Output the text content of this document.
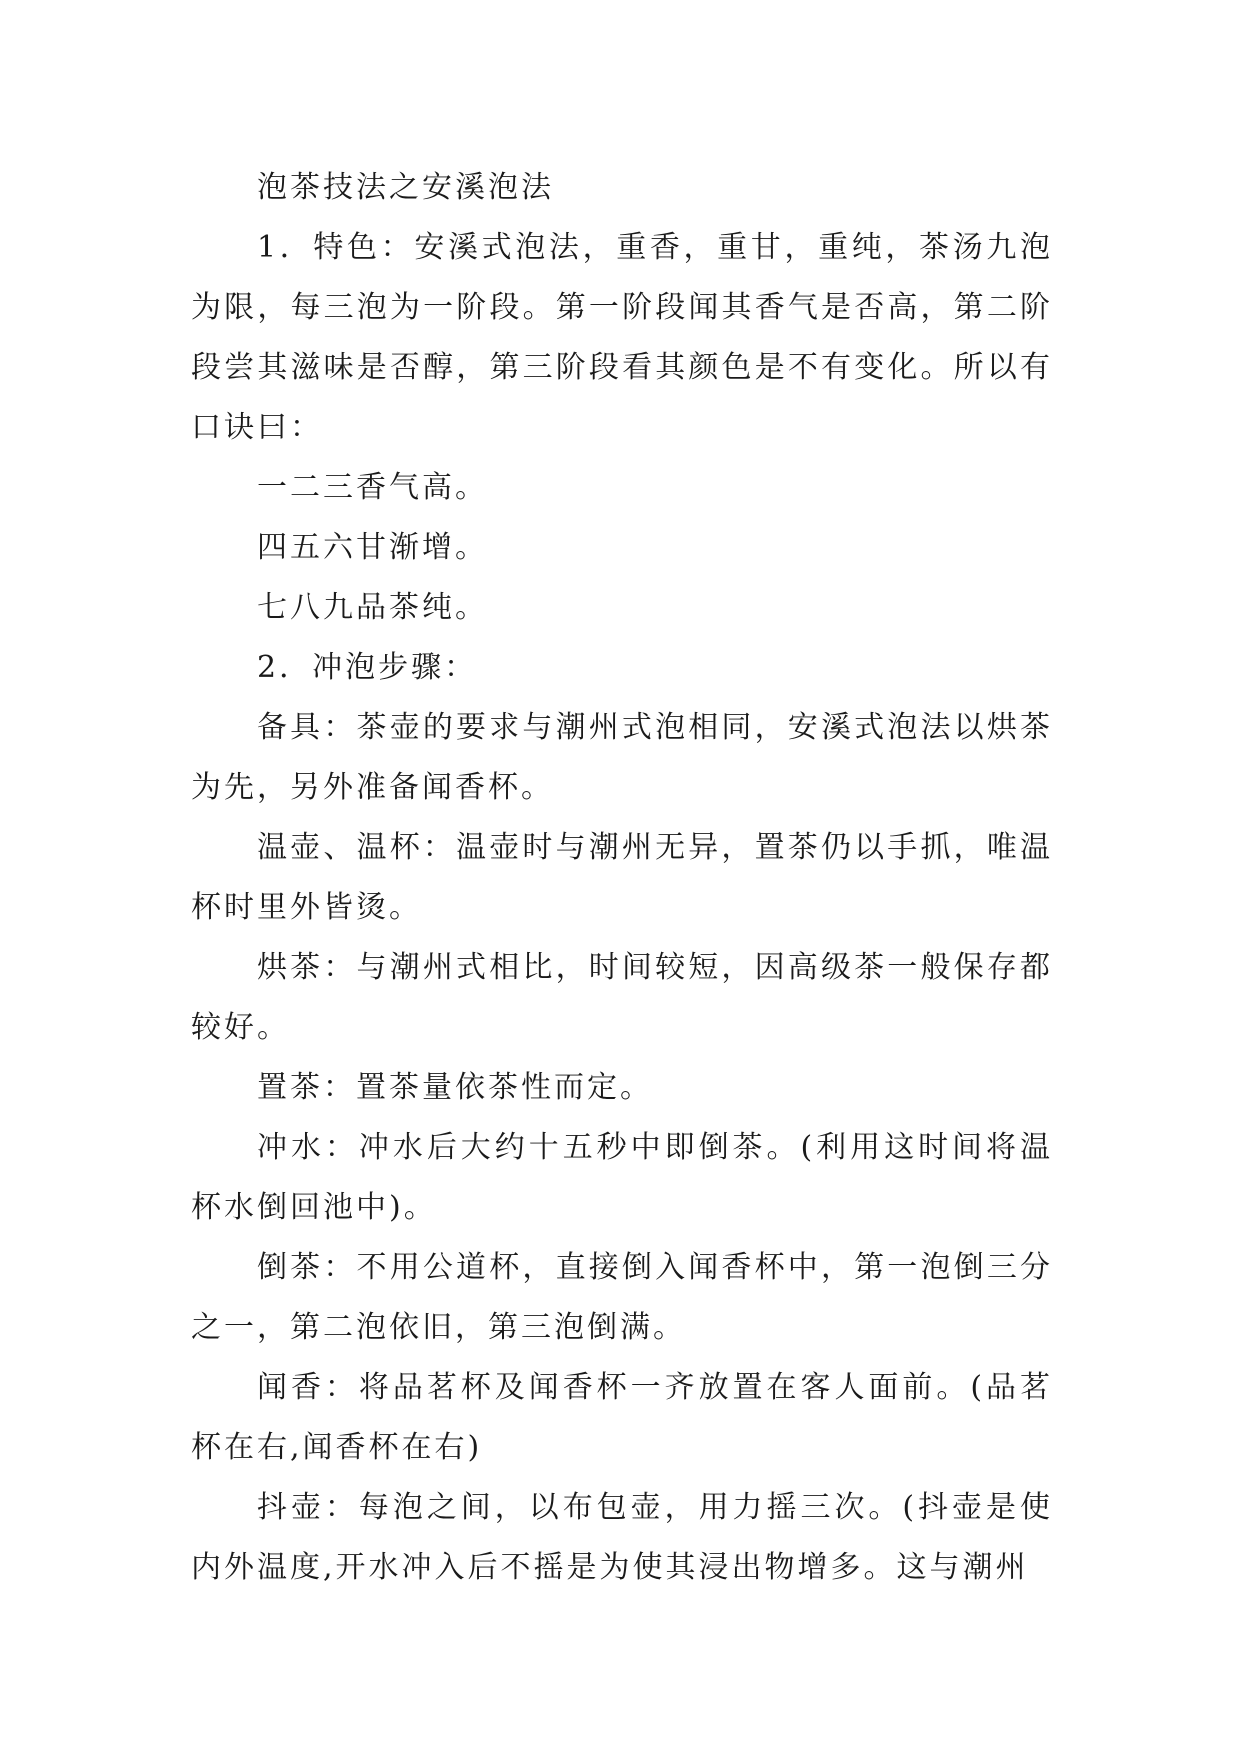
泡茶技法之安溪泡法

1．特色：安溪式泡法，重香，重甘，重纯，茶汤九泡为限，每三泡为一阶段。第一阶段闻其香气是否高，第二阶段尝其滋味是否醇，第三阶段看其颜色是不有变化。所以有口诀曰：

一二三香气高。

四五六甘渐增。

七八九品茶纯。

2．冲泡步骤：

备具：茶壶的要求与潮州式泡相同，安溪式泡法以烘茶为先，另外准备闻香杯。

温壶、温杯：温壶时与潮州无异，置茶仍以手抓，唯温杯时里外皆烫。

烘茶：与潮州式相比，时间较短，因高级茶一般保存都较好。

置茶：置茶量依茶性而定。

冲水：冲水后大约十五秒中即倒茶。(利用这时间将温杯水倒回池中)。

倒茶：不用公道杯，直接倒入闻香杯中，第一泡倒三分之一，第二泡依旧，第三泡倒满。

闻香：将品茗杯及闻香杯一齐放置在客人面前。(品茗杯在右,闻香杯在右)

抖壶：每泡之间，以布包壶，用力摇三次。(抖壶是使内外温度,开水冲入后不摇是为使其浸出物增多。这与潮州
